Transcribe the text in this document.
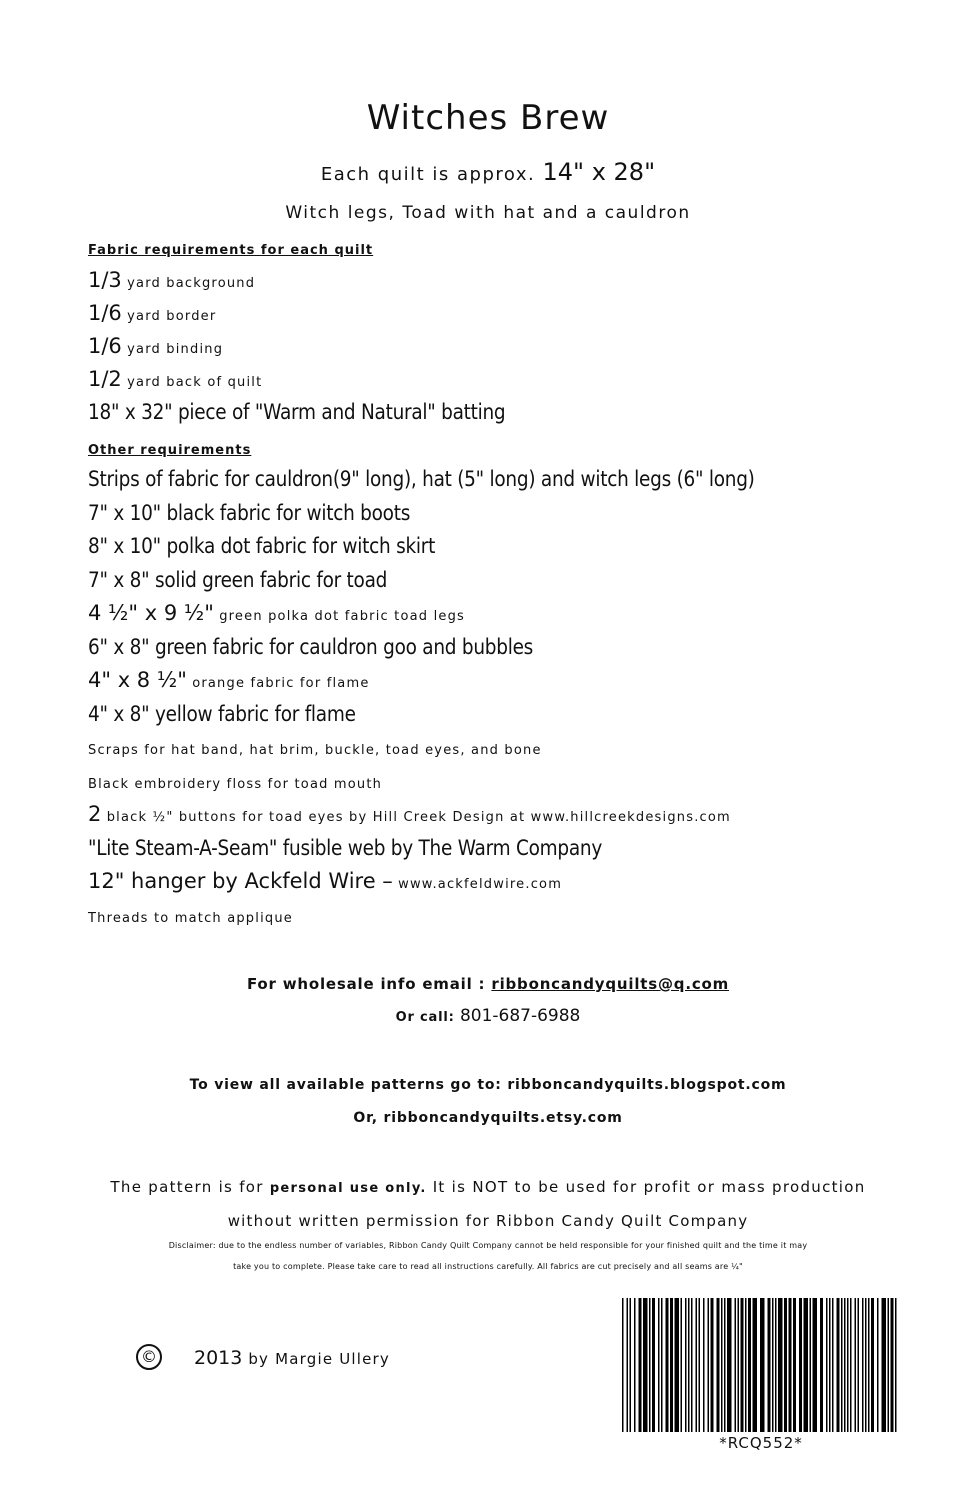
Witches Brew
Each quilt is approx. 14" x 28"
Witch legs, Toad with hat and a cauldron
Fabric requirements for each quilt
1/3 yard background
1/6 yard border
1/6 yard binding
1/2 yard back of quilt
18" x 32" piece of "Warm and Natural" batting
Other requirements
Strips of fabric for cauldron(9" long), hat (5" long) and witch legs (6" long)
7" x 10" black fabric for witch boots
8" x 10" polka dot fabric for witch skirt
7" x 8" solid green fabric for toad
4 ½" x 9 ½" green polka dot fabric toad legs
6" x 8" green fabric for cauldron goo and bubbles
4" x 8 ½" orange fabric for flame
4" x 8" yellow fabric for flame
Scraps for hat band, hat brim, buckle, toad eyes, and bone
Black embroidery floss for toad mouth
2 black ½" buttons for toad eyes by Hill Creek Design at www.hillcreekdesigns.com
"Lite Steam-A-Seam" fusible web by The Warm Company
12" hanger by Ackfeld Wire – www.ackfeldwire.com
Threads to match applique
For wholesale info email : ribboncandyquilts@q.com
Or call: 801-687-6988
To view all available patterns go to: ribboncandyquilts.blogspot.com
Or, ribboncandyquilts.etsy.com
The pattern is for personal use only. It is NOT to be used for profit or mass production
without written permission for Ribbon Candy Quilt Company
Disclaimer: due to the endless number of variables, Ribbon Candy Quilt Company cannot be held responsible for your finished quilt and the time it may
take you to complete. Please take care to read all instructions carefully. All fabrics are cut precisely and all seams are ¼"
© 2013 by Margie Ullery
*RCQ552*
